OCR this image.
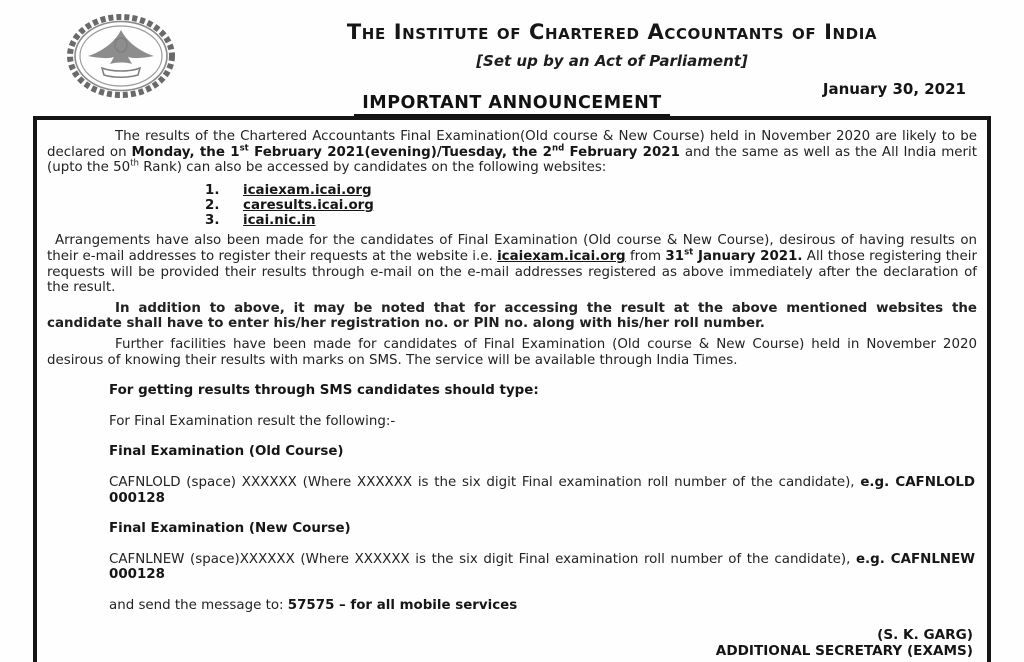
The Institute of Chartered Accountants of India
[Set up by an Act of Parliament]
January 30, 2021
IMPORTANT ANNOUNCEMENT

The results of the Chartered Accountants Final Examination(Old course & New Course) held in November 2020 are likely to be declared on Monday, the 1st February 2021(evening)/Tuesday, the 2nd February 2021 and the same as well as the All India merit (upto the 50th Rank) can also be accessed by candidates on the following websites:

1.	icaiexam.icai.org
2.	caresults.icai.org
3.	icai.nic.in

Arrangements have also been made for the candidates of Final Examination (Old course & New Course), desirous of having results on their e-mail addresses to register their requests at the website i.e. icaiexam.icai.org from 31st January 2021. All those registering their requests will be provided their results through e-mail on the e-mail addresses registered as above immediately after the declaration of the result.

In addition to above, it may be noted that for accessing the result at the above mentioned websites the candidate shall have to enter his/her registration no. or PIN no. along with his/her roll number.

Further facilities have been made for candidates of Final Examination (Old course & New Course) held in November 2020 desirous of knowing their results with marks on SMS. The service will be available through India Times.

For getting results through SMS candidates should type:
For Final Examination result the following:-
Final Examination (Old Course)
CAFNLOLD (space) XXXXXX (Where XXXXXX is the six digit Final examination roll number of the candidate), e.g. CAFNLOLD 000128
Final Examination (New Course)
CAFNLNEW (space)XXXXXX (Where XXXXXX is the six digit Final examination roll number of the candidate), e.g. CAFNLNEW 000128
and send the message to: 57575 – for all mobile services
(S. K. GARG)
ADDITIONAL SECRETARY (EXAMS)
